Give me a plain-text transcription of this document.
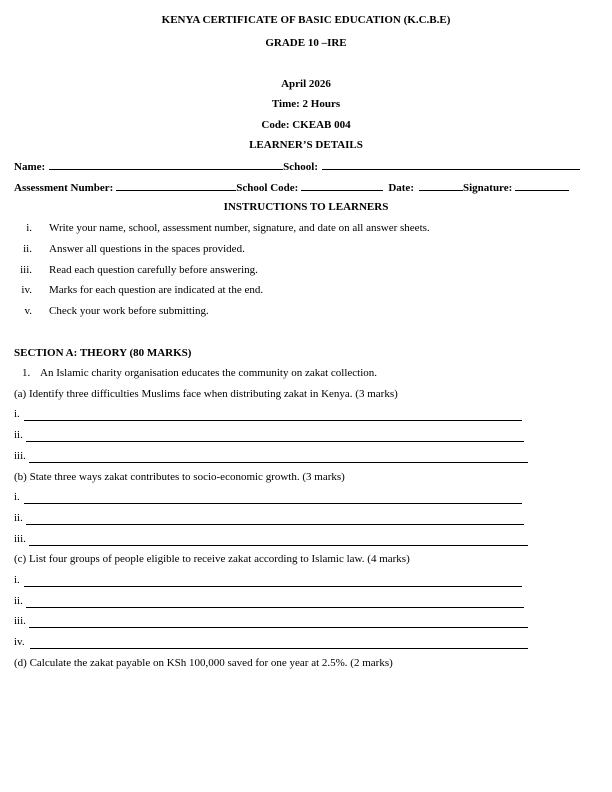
KENYA CERTIFICATE OF BASIC EDUCATION (K.C.B.E)
GRADE 10 –IRE
April 2026
Time: 2 Hours
Code: CKEAB 004
LEARNER’S DETAILS
Name:	School:
Assessment Number:	School Code:	Date:	Signature:
INSTRUCTIONS TO LEARNERS
i. Write your name, school, assessment number, signature, and date on all answer sheets.
ii. Answer all questions in the spaces provided.
iii. Read each question carefully before answering.
iv. Marks for each question are indicated at the end.
v. Check your work before submitting.
SECTION A: THEORY (80 MARKS)
1. An Islamic charity organisation educates the community on zakat collection.
(a) Identify three difficulties Muslims face when distributing zakat in Kenya. (3 marks)
i.
ii.
iii.
(b) State three ways zakat contributes to socio-economic growth. (3 marks)
i.
ii.
iii.
(c) List four groups of people eligible to receive zakat according to Islamic law. (4 marks)
i.
ii.
iii.
iv.
(d) Calculate the zakat payable on KSh 100,000 saved for one year at 2.5%. (2 marks)
